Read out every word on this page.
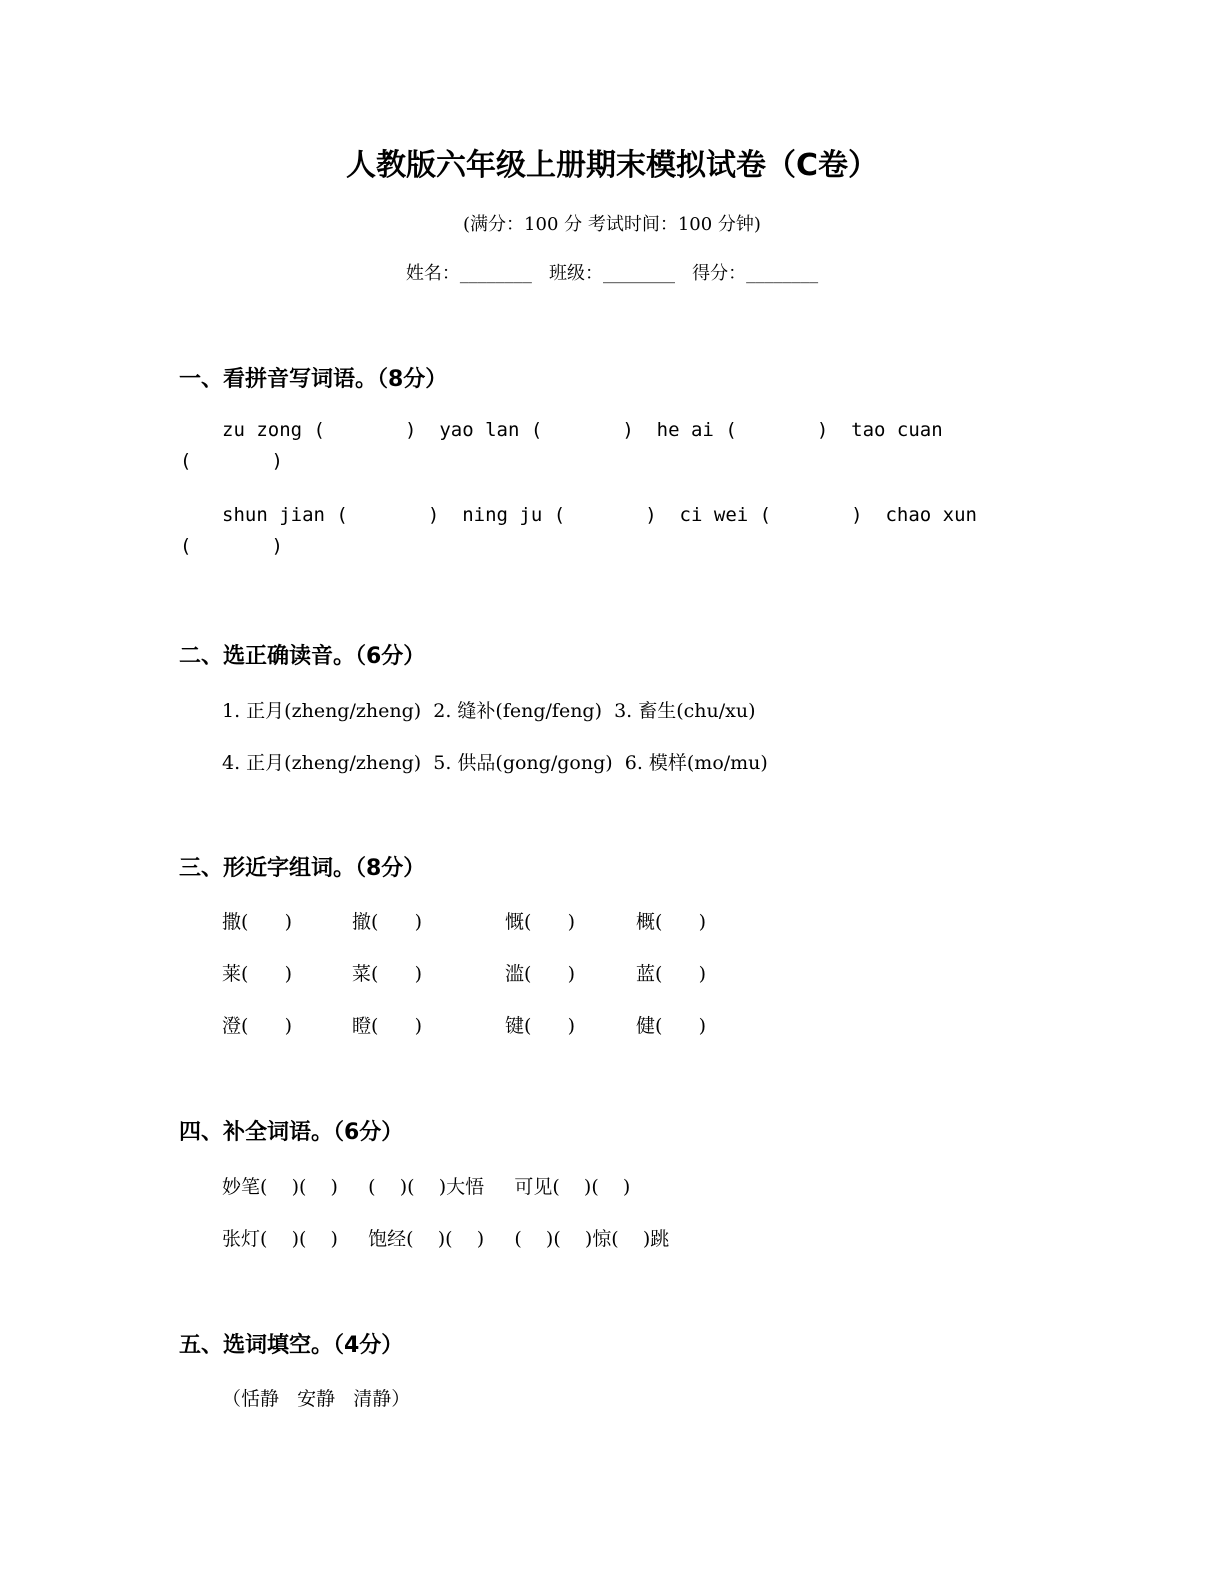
人教版六年级上册期末模拟试卷（C卷）
(满分：100 分 考试时间：100 分钟)
姓名：________   班级：________   得分：________
一、看拼音写词语。（8分）
zu zong (       )  yao lan (       )  he ai (       )  tao cuan
(       )
shun jian (       )  ning ju (       )  ci wei (       )  chao xun
(       )
二、选正确读音。（6分）
1. 正月(zheng/zheng)  2. 缝补(feng/feng)  3. 畜生(chu/xu)
4. 正月(zheng/zheng)  5. 供品(gong/gong)  6. 模样(mo/mu)
三、形近字组词。（8分）
撒(      )	撤(      )	慨(      )	概(      )
莱(      )	菜(      )	滥(      )	蓝(      )
澄(      )	瞪(      )	键(      )	健(      )
四、补全词语。（6分）
妙笔(    )(    )     (    )(    )大悟     可见(    )(    )
张灯(    )(    )     饱经(    )(    )     (    )(    )惊(    )跳
五、选词填空。（4分）
（恬静   安静   清静）
